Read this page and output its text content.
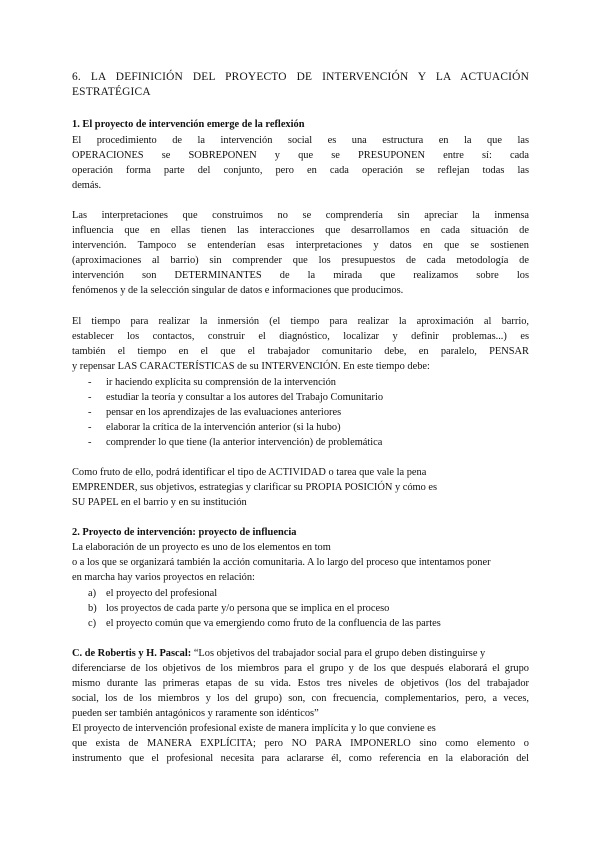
6. LA DEFINICIÓN DEL PROYECTO DE INTERVENCIÓN Y LA ACTUACIÓN
ESTRATÉGICA
1. El proyecto de intervención emerge de la reflexión
El procedimiento de la intervención social es una estructura en la que las
OPERACIONES se SOBREPONEN y que se PRESUPONEN entre sí: cada
operación forma parte del conjunto, pero en cada operación se reflejan todas las
demás.
Las interpretaciones que construimos no se comprendería sin apreciar la inmensa
influencia que en ellas tienen las interacciones que desarrollamos en cada situación de
intervención. Tampoco se entenderían esas interpretaciones y datos en que se sostienen
(aproximaciones al barrio) sin comprender que los presupuestos de cada metodología de
intervención son DETERMINANTES de la mirada que realizamos sobre los
fenómenos y de la selección singular de datos e informaciones que producimos.
El tiempo para realizar la inmersión (el tiempo para realizar la aproximación al barrio,
establecer los contactos, construir el diagnóstico, localizar y definir problemas...) es
también el tiempo en el que el trabajador comunitario debe, en paralelo, PENSAR
y repensar LAS CARACTERÍSTICAS de su INTERVENCIÓN. En este tiempo debe:
- ir haciendo explícita su comprensión de la intervención
- estudiar la teoría y consultar a los autores del Trabajo Comunitario
- pensar en los aprendizajes de las evaluaciones anteriores
- elaborar la crítica de la intervención anterior (si la hubo)
- comprender lo que tiene (la anterior intervención) de problemática
Como fruto de ello, podrá identificar el tipo de ACTIVIDAD o tarea que vale la pena
EMPRENDER, sus objetivos, estrategias y clarificar su PROPIA POSICIÓN y cómo es
SU PAPEL en el barrio y en su institución
2. Proyecto de intervención: proyecto de influencia
La elaboración de un proyecto es uno de los elementos en tom
o a los que se organizará también la acción comunitaria. A lo largo del proceso que intentamos poner
en marcha hay varios proyectos en relación:
a) el proyecto del profesional
b) los proyectos de cada parte y/o persona que se implica en el proceso
c) el proyecto común que va emergiendo como fruto de la confluencia de las partes
C. de Robertis y H. Pascal: “Los objetivos del trabajador social para el grupo deben distinguirse y
diferenciarse de los objetivos de los miembros para el grupo y de los que después elaborará el grupo
mismo durante las primeras etapas de su vida. Estos tres niveles de objetivos (los del trabajador
social, los de los miembros y los del grupo) son, con frecuencia, complementarios, pero, a veces,
pueden ser también antagónicos y raramente son idénticos”
El proyecto de intervención profesional existe de manera implícita y lo que conviene es
que exista de MANERA EXPLÍCITA; pero NO PARA IMPONERLO sino como elemento o
instrumento que el profesional necesita para aclararse él, como referencia en la elaboración del
